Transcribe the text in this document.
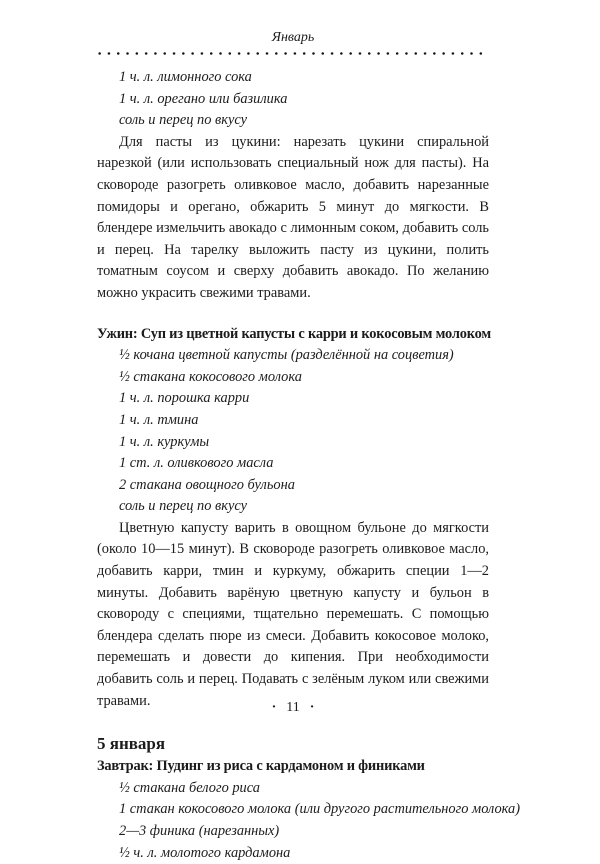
Январь

1 ч. л. лимонного сока

1 ч. л. орегано или базилика

соль и перец по вкусу

Для пасты из цукини: нарезать цукини спиральной нарезкой (или использовать специальный нож для пасты). На сковороде разогреть оливковое масло, добавить нарезанные помидоры и орегано, обжарить 5 минут до мягкости. В блендере измельчить авокадо с лимонным соком, добавить соль и перец. На тарелку выложить пасту из цукини, полить томатным соусом и сверху добавить авокадо. По желанию можно украсить свежими травами.

Ужин: Суп из цветной капусты с карри и кокосовым молоком

½ кочана цветной капусты (разделённой на соцветия)

½ стакана кокосового молока

1 ч. л. порошка карри

1 ч. л. тмина

1 ч. л. куркумы

1 ст. л. оливкового масла

2 стакана овощного бульона

соль и перец по вкусу

Цветную капусту варить в овощном бульоне до мягкости (около 10—15 минут). В сковороде разогреть оливковое масло, добавить карри, тмин и куркуму, обжарить специи 1—2 минуты. Добавить варёную цветную капусту и бульон в сковороду с специями, тщательно перемешать. С помощью блендера сделать пюре из смеси. Добавить кокосовое молоко, перемешать и довести до кипения. При необходимости добавить соль и перец. Подавать с зелёным луком или свежими травами.

5 января

Завтрак: Пудинг из риса с кардамоном и финиками

½ стакана белого риса

1 стакан кокосового молока (или другого растительного молока)

2—3 финика (нарезанных)

½ ч. л. молотого кардамона

· 11 ·
